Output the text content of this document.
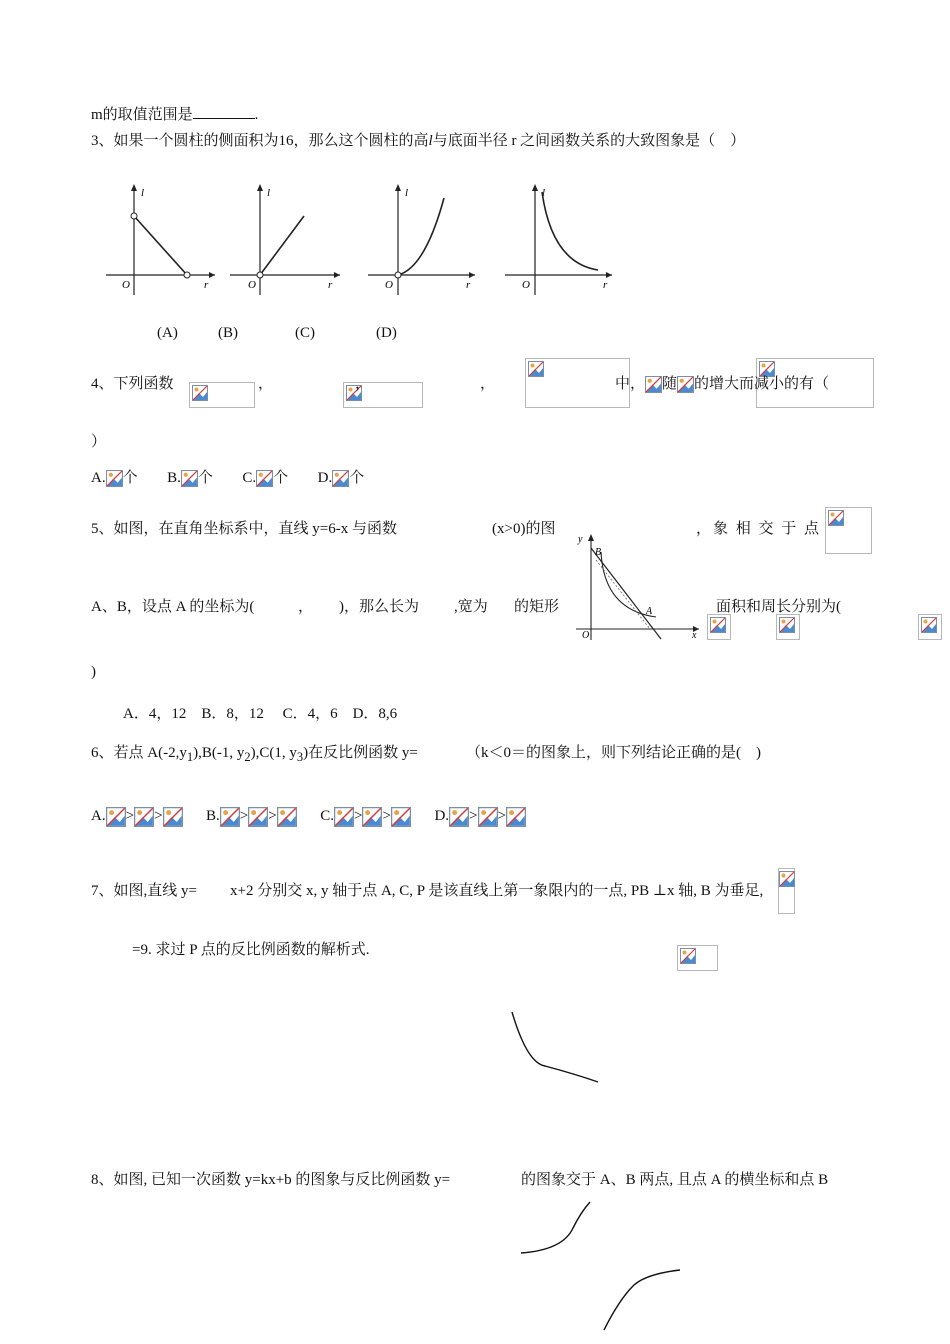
m的取值范围是	.
3、如果一个圆柱的侧面积为16，那么这个圆柱的高l与底面半径 r 之间函数关系的大致图象是（　）
l
r
O
l
r
O
l
r
O
l
r
O
(A)	(B)	(C)	(D)
4、下列函数
	，
	，
	，
	中， 随 的增大而减小的有（
）
A. 个 B. 个 C. 个 D. 个
5、如图，在直角坐标系中，直线 y=6-x 与函数
	(x>0)的图	，象 相 交 于 点
A、B，设点 A 的坐标为(
	，
)，那么长为
,宽为
的矩形	面积和周长分别为(
)
y
x
O
B
A
A．4，12　B．8，12　 C．4，6　D．8,6
6、若点 $A(-2,y_1),B(-1$, $y_2),C(1$, $y_3$)在反比例函数 y=
	（k＜0＝的图象上，则下列结论正确的是(　)
A. > >	B. > >	C. > >	D. > >
7、如图,直线 y=
x+2 分别交 x, y 轴于点 A, C, P 是该直线上第一象限内的一点, PB ⊥x 轴, B 为垂足,

=9. 求过 P 点的反比例函数的解析式.
8、如图, 已知一次函数 y=kx+b 的图象与反比例函数 y=	的图象交于 A、B 两点, 且点 A 的横坐标和点 B
